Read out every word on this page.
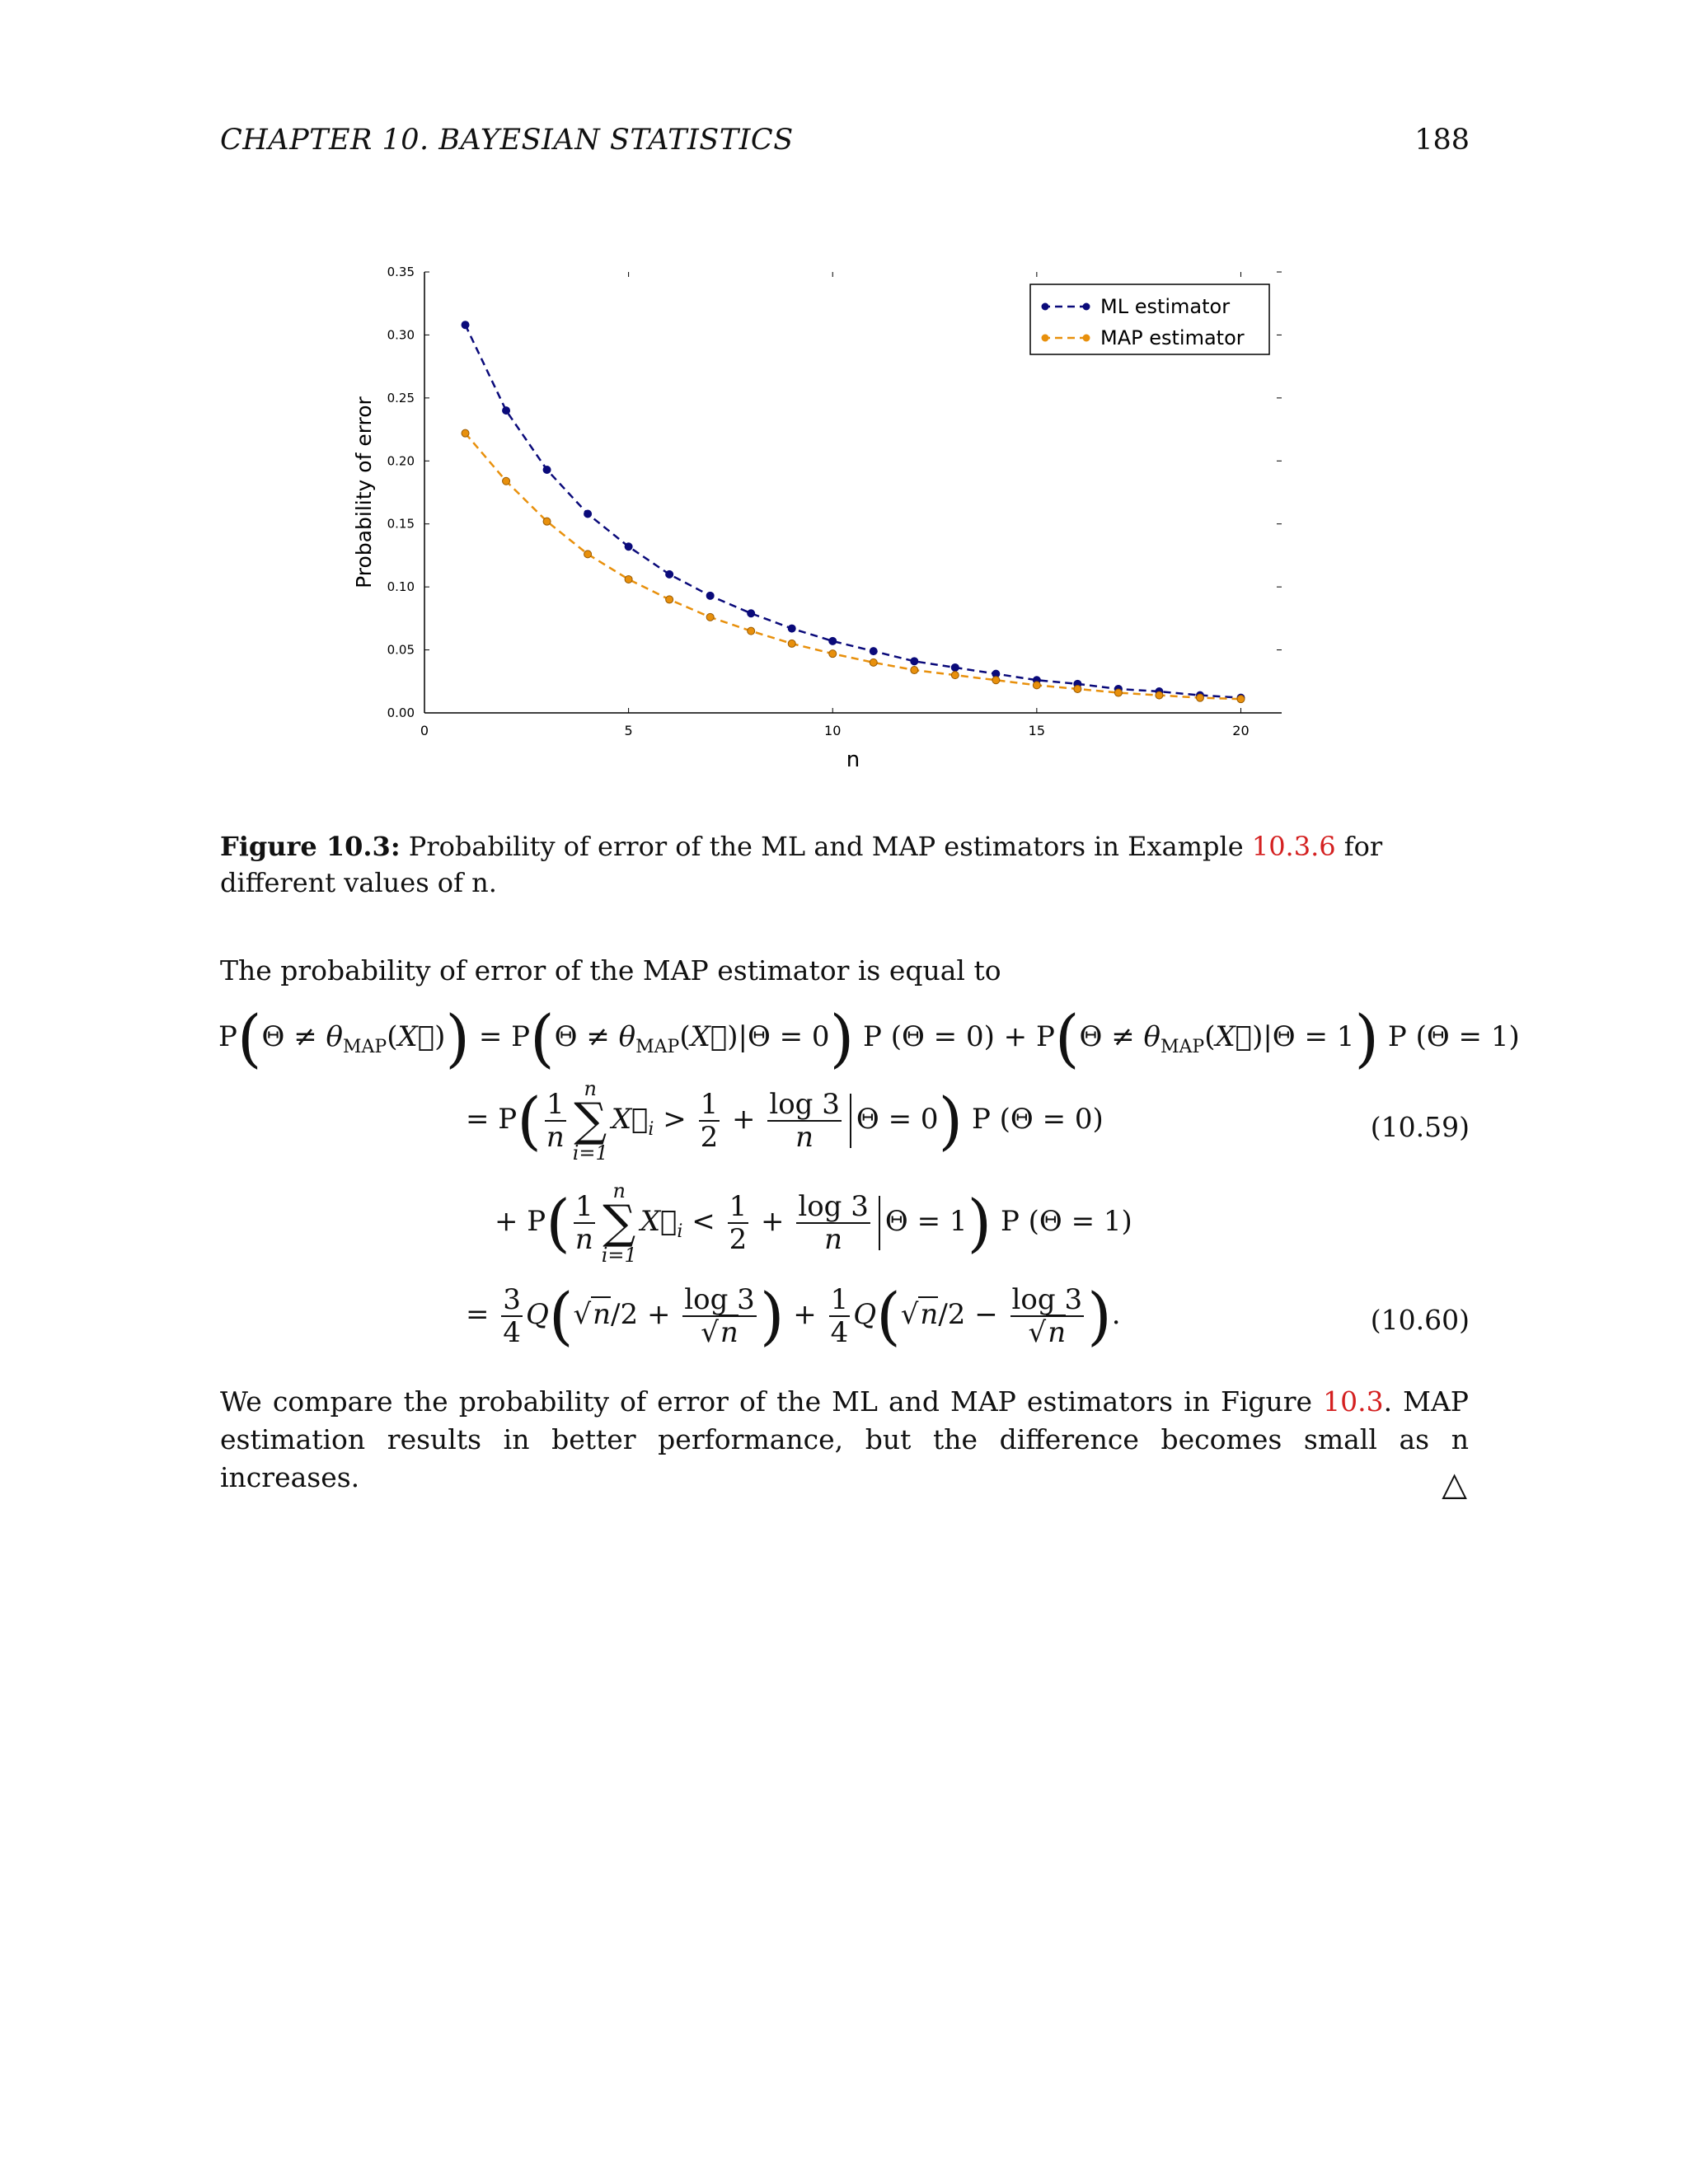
CHAPTER 10. BAYESIAN STATISTICS	188
0	5	10	15	20
0.00
0.05
0.10
0.15
0.20
0.25
0.30
0.35
n
Probability of error
ML estimator
MAP estimator
Figure 10.3: Probability of error of the ML and MAP estimators in Example 10.3.6 for different values of n.
The probability of error of the MAP estimator is equal to
$P(\Theta \ne \theta_{MAP}(X⃗)) = P(\Theta$ ≠ $\theta_{MAP}(X⃗)|\Theta = 0$) P $(\Theta = 0) + P(\Theta \ne \theta_{MAP}(X⃗)|\Theta = 1)$ P (Θ = 1)
= $P( \frac{1}{n}$ n
∑
i=1
$X⃗_i > \frac{1}{2} + \frac{\log 3}{n}$ Θ = 0) P (Θ = 0)	(10.59)
+ $P( \frac{1}{n}$ n
∑
i=1
$X⃗_i < \frac{1}{2} + \frac{\log 3}{n}$ Θ = 1) P (Θ = 1)
= $\frac{3}{4} Q(√n/2 + \frac{\log 3}{√n}$ ) + $\frac{1}{4} Q(√n/2 - \frac{\log 3}{√n}$ ).	(10.60)
We compare the probability of error of the ML and MAP estimators in Figure 10.3. MAP estimation results in better performance, but the difference becomes small as n increases.	△
